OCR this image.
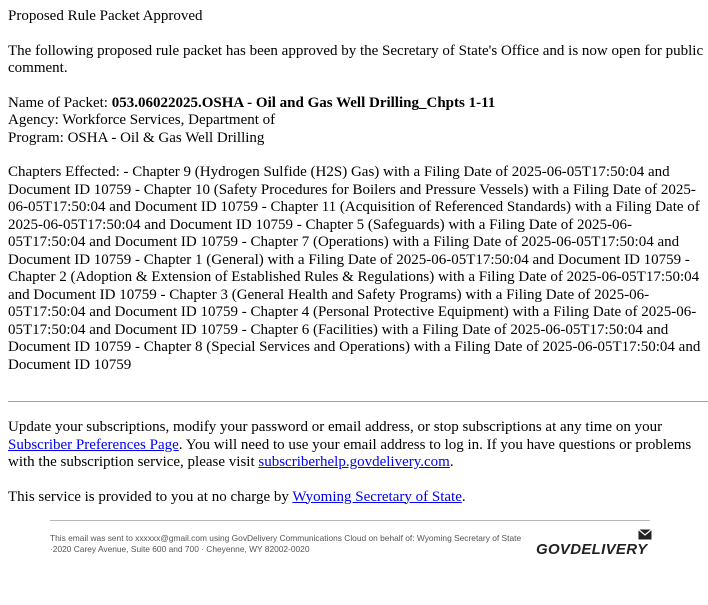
Proposed Rule Packet Approved

The following proposed rule packet has been approved by the Secretary of State's Office and is now open for public comment.

Name of Packet: 053.06022025.OSHA - Oil and Gas Well Drilling_Chpts 1-11
Agency: Workforce Services, Department of
Program: OSHA - Oil & Gas Well Drilling

Chapters Effected: - Chapter 9 (Hydrogen Sulfide (H2S) Gas) with a Filing Date of 2025-06-05T17:50:04 and Document ID 10759 - Chapter 10 (Safety Procedures for Boilers and Pressure Vessels) with a Filing Date of 2025-06-05T17:50:04 and Document ID 10759 - Chapter 11 (Acquisition of Referenced Standards) with a Filing Date of 2025-06-05T17:50:04 and Document ID 10759 - Chapter 5 (Safeguards) with a Filing Date of 2025-06-05T17:50:04 and Document ID 10759 - Chapter 7 (Operations) with a Filing Date of 2025-06-05T17:50:04 and Document ID 10759 - Chapter 1 (General) with a Filing Date of 2025-06-05T17:50:04 and Document ID 10759 - Chapter 2 (Adoption & Extension of Established Rules & Regulations) with a Filing Date of 2025-06-05T17:50:04 and Document ID 10759 - Chapter 3 (General Health and Safety Programs) with a Filing Date of 2025-06-05T17:50:04 and Document ID 10759 - Chapter 4 (Personal Protective Equipment) with a Filing Date of 2025-06-05T17:50:04 and Document ID 10759 - Chapter 6 (Facilities) with a Filing Date of 2025-06-05T17:50:04 and Document ID 10759 - Chapter 8 (Special Services and Operations) with a Filing Date of 2025-06-05T17:50:04 and Document ID 10759

Update your subscriptions, modify your password or email address, or stop subscriptions at any time on your Subscriber Preferences Page. You will need to use your email address to log in. If you have questions or problems with the subscription service, please visit subscriberhelp.govdelivery.com.

This service is provided to you at no charge by Wyoming Secretary of State.

This email was sent to xxxxxx@gmail.com using GovDelivery Communications Cloud on behalf of: Wyoming Secretary of State ·2020 Carey Avenue, Suite 600 and 700 · Cheyenne, WY 82002-0020	GOVDELIVERY
